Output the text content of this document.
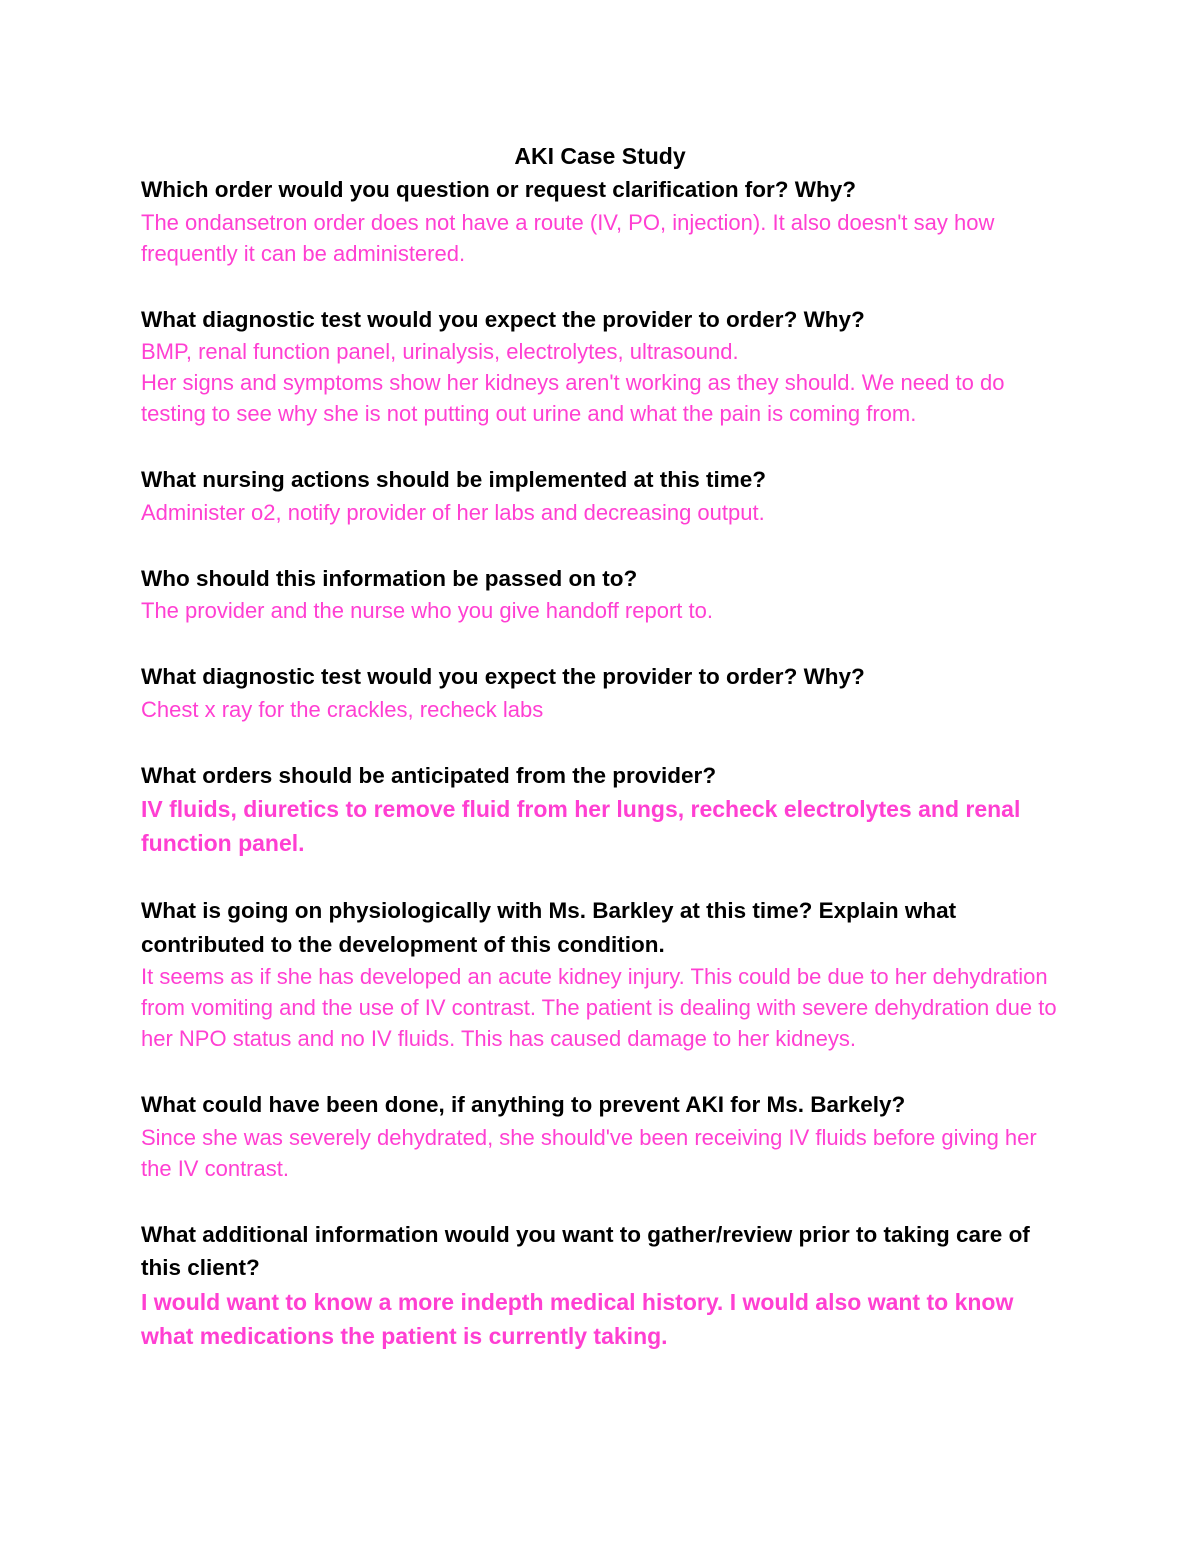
AKI Case Study

Which order would you question or request clarification for? Why?

The ondansetron order does not have a route (IV, PO, injection). It also doesn't say how frequently it can be administered.

What diagnostic test would you expect the provider to order? Why?

BMP, renal function panel, urinalysis, electrolytes, ultrasound.

Her signs and symptoms show her kidneys aren't working as they should. We need to do testing to see why she is not putting out urine and what the pain is coming from.

What nursing actions should be implemented at this time?

Administer o2, notify provider of her labs and decreasing output.

Who should this information be passed on to?

The provider and the nurse who you give handoff report to.

What diagnostic test would you expect the provider to order? Why?

Chest x ray for the crackles, recheck labs

What orders should be anticipated from the provider?

IV fluids, diuretics to remove fluid from her lungs, recheck electrolytes and renal function panel.

What is going on physiologically with Ms. Barkley at this time? Explain what contributed to the development of this condition.

It seems as if she has developed an acute kidney injury. This could be due to her dehydration from vomiting and the use of IV contrast. The patient is dealing with severe dehydration due to her NPO status and no IV fluids. This has caused damage to her kidneys.

What could have been done, if anything to prevent AKI for Ms. Barkely?

Since she was severely dehydrated, she should've been receiving IV fluids before giving her the IV contrast.

What additional information would you want to gather/review prior to taking care of this client?

I would want to know a more indepth medical history. I would also want to know what medications the patient is currently taking.
